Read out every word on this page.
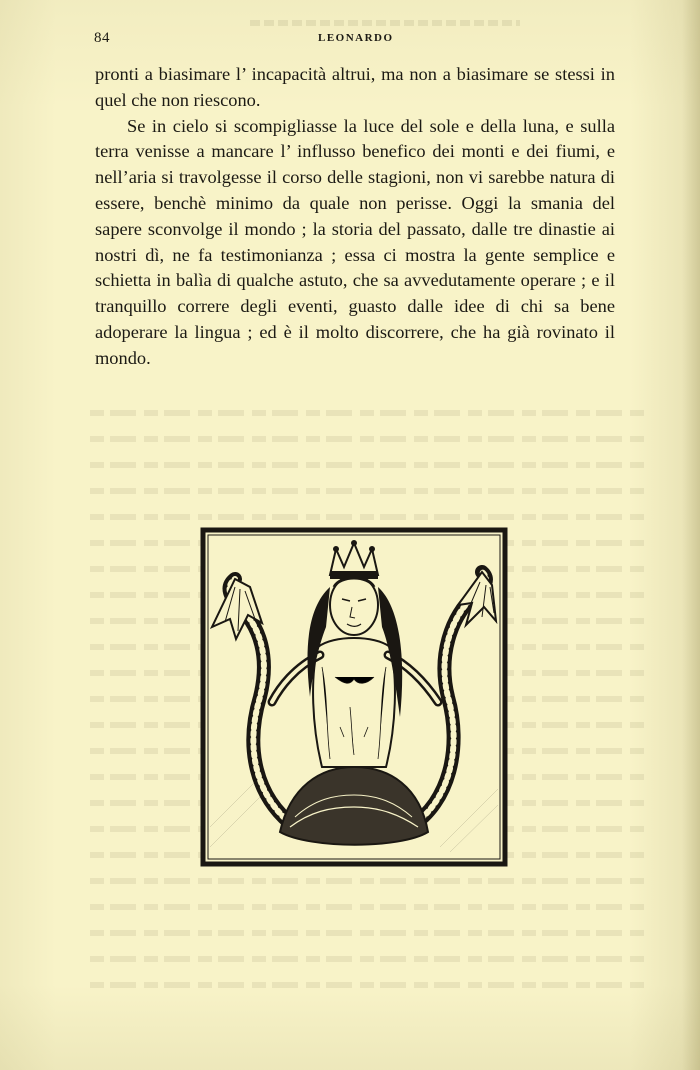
84	LEONARDO

pronti a biasimare l’ incapacità altrui, ma non a biasimare se stessi in quel che non riescono.

Se in cielo si scompigliasse la luce del sole e della luna, e sulla terra venisse a mancare l’ influsso benefico dei monti e dei fiumi, e nell’aria si travolgesse il corso delle stagioni, non vi sarebbe natura di essere, benchè minimo da quale non perisse. Oggi la smania del sapere sconvolge il mondo ; la storia del passato, dalle tre dinastie ai nostri dì, ne fa testimonianza ; essa ci mostra la gente semplice e schietta in balìa di qualche astuto, che sa avvedutamente operare ; e il tranquillo correre degli eventi, guasto dalle idee di chi sa bene adoperare la lingua ; ed è il molto discorrere, che ha già rovinato il mondo.
